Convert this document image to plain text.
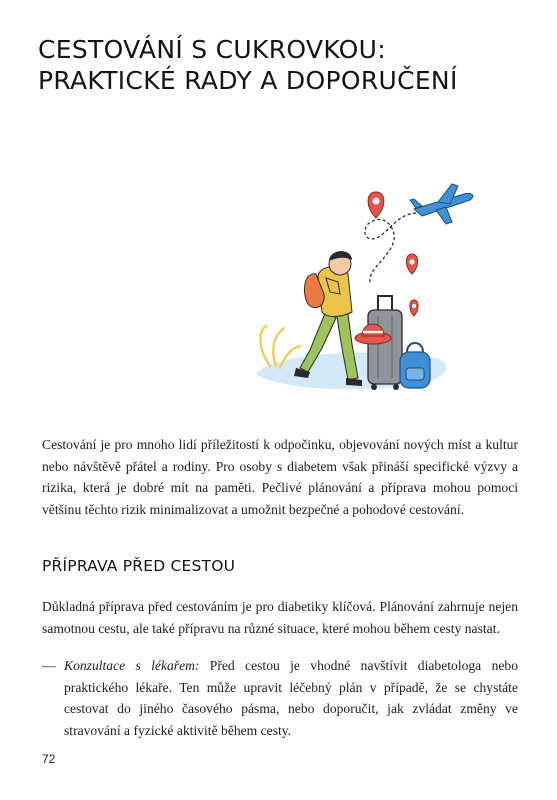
CESTOVÁNÍ S CUKROVKOU:
PRAKTICKÉ RADY A DOPORUČENÍ

Cestování je pro mnoho lidí příležitostí k odpočinku, objevování nových míst a kultur nebo návštěvě přátel a rodiny. Pro osoby s diabetem však přináší specifické výzvy a rizika, která je dobré mít na paměti. Pečlivé plánování a příprava mohou pomoci většinu těchto rizik minimalizovat a umožnit bezpečné a pohodové cestování.

PŘÍPRAVA PŘED CESTOU

Důkladná příprava před cestováním je pro diabetiky klíčová. Plánování zahrnuje nejen samotnou cestu, ale také přípravu na různé situace, které mohou během cesty nastat.

— Konzultace s lékařem: Před cestou je vhodné navštívit diabetologa nebo praktického lékaře. Ten může upravit léčebný plán v případě, že se chystáte cestovat do jiného časového pásma, nebo doporučit, jak zvládat změny ve stravování a fyzické aktivitě během cesty.

72
